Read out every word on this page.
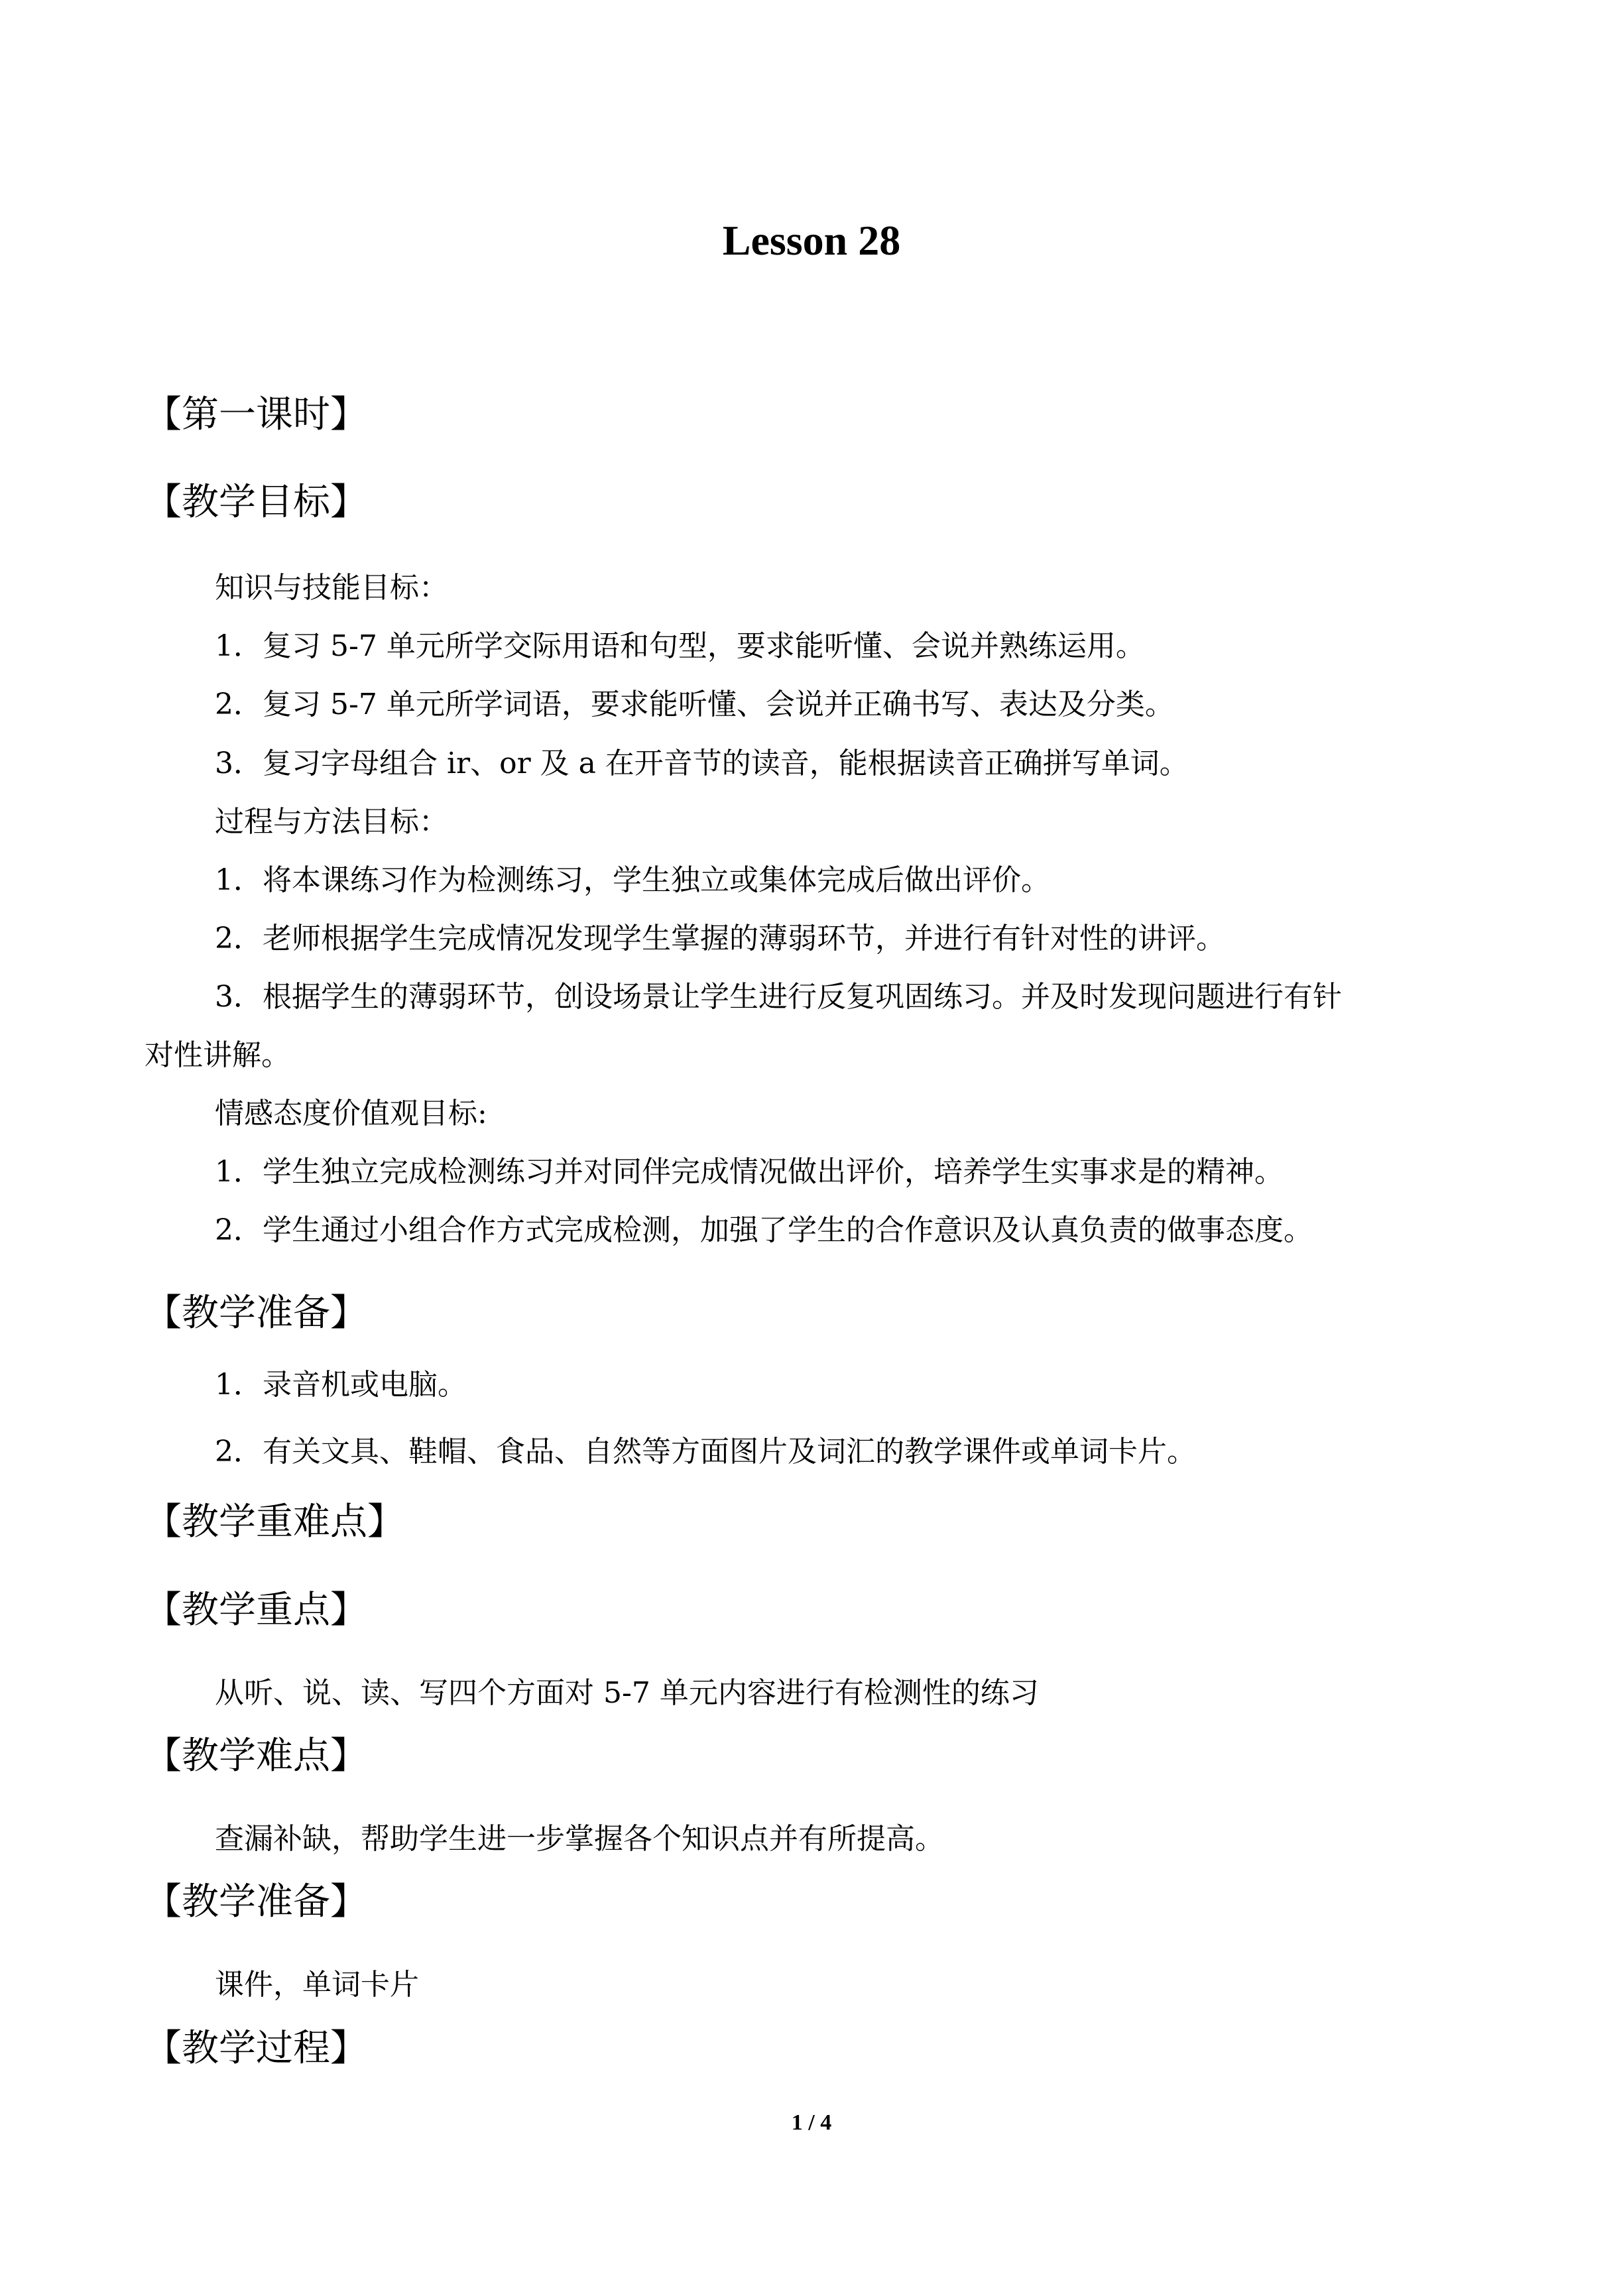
Lesson 28
【第一课时】
【教学目标】
知识与技能目标：
1．复习 5-7 单元所学交际用语和句型，要求能听懂、会说并熟练运用。
2．复习 5-7 单元所学词语，要求能听懂、会说并正确书写、表达及分类。
3．复习字母组合 ir、or 及 a 在开音节的读音，能根据读音正确拼写单词。
过程与方法目标：
1．将本课练习作为检测练习，学生独立或集体完成后做出评价。
2．老师根据学生完成情况发现学生掌握的薄弱环节，并进行有针对性的讲评。
3．根据学生的薄弱环节，创设场景让学生进行反复巩固练习。并及时发现问题进行有针
对性讲解。
情感态度价值观目标:
1．学生独立完成检测练习并对同伴完成情况做出评价，培养学生实事求是的精神。
2．学生通过小组合作方式完成检测，加强了学生的合作意识及认真负责的做事态度。
【教学准备】
1．录音机或电脑。
2．有关文具、鞋帽、食品、自然等方面图片及词汇的教学课件或单词卡片。
【教学重难点】
【教学重点】
从听、说、读、写四个方面对 5-7 单元内容进行有检测性的练习
【教学难点】
查漏补缺，帮助学生进一步掌握各个知识点并有所提高。
【教学准备】
课件，单词卡片
【教学过程】
1 / 4
